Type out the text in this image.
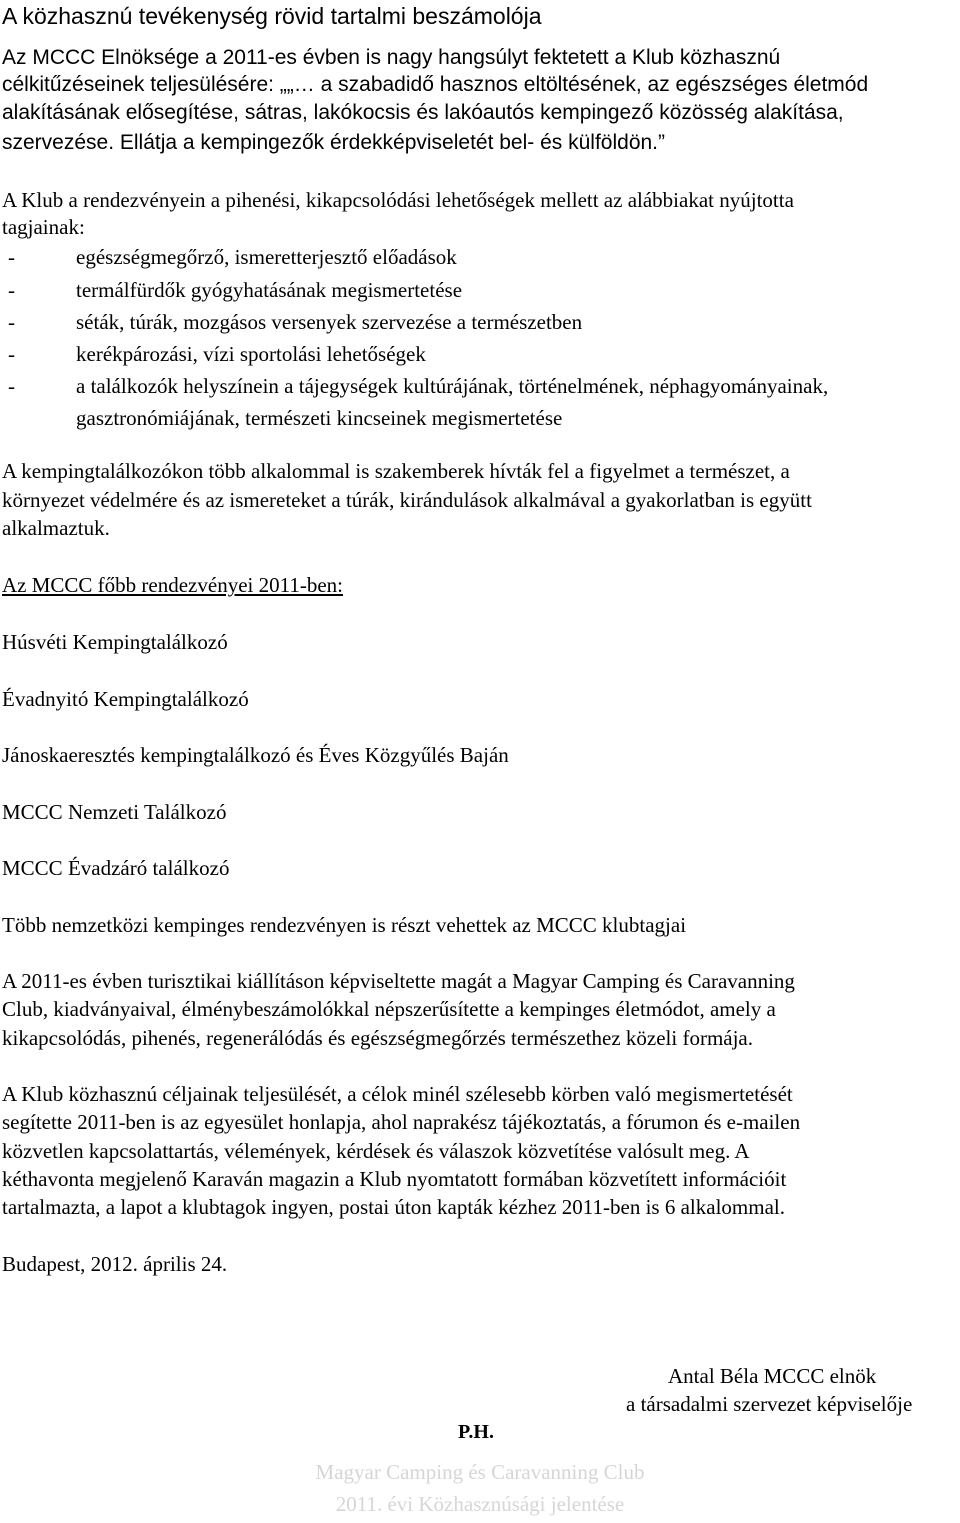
A közhasznú tevékenység rövid tartalmi beszámolója
Az MCCC Elnöksége a 2011-es évben is nagy hangsúlyt fektetett a Klub közhasznú
célkitűzéseinek teljesülésére: „„… a szabadidő hasznos eltöltésének, az egészséges életmód
alakításának elősegítése, sátras, lakókocsis és lakóautós kempingező közösség alakítása,
szervezése. Ellátja a kempingezők érdekképviseletét bel- és külföldön.”
A Klub a rendezvényein a pihenési, kikapcsolódási lehetőségek mellett az alábbiakat nyújtotta
tagjainak:
-	egészségmegőrző, ismeretterjesztő előadások
-	termálfürdők gyógyhatásának megismertetése
-	séták, túrák, mozgásos versenyek szervezése a természetben
-	kerékpározási, vízi sportolási lehetőségek
-	a találkozók helyszínein a tájegységek kultúrájának, történelmének, néphagyományainak,
gasztronómiájának, természeti kincseinek megismertetése
A kempingtalálkozókon több alkalommal is szakemberek hívták fel a figyelmet a természet, a
környezet védelmére és az ismereteket a túrák, kirándulások alkalmával a gyakorlatban is együtt
alkalmaztuk.
Az MCCC főbb rendezvényei 2011-ben:
Húsvéti Kempingtalálkozó
Évadnyitó Kempingtalálkozó
Jánoskaeresztés kempingtalálkozó és Éves Közgyűlés Baján
MCCC Nemzeti Találkozó
MCCC Évadzáró találkozó
Több nemzetközi kempinges rendezvényen is részt vehettek az MCCC klubtagjai
A 2011-es évben turisztikai kiállításon képviseltette magát a Magyar Camping és Caravanning
Club, kiadványaival, élménybeszámolókkal népszerűsítette a kempinges életmódot, amely a
kikapcsolódás, pihenés, regenerálódás és egészségmegőrzés természethez közeli formája.
A Klub közhasznú céljainak teljesülését, a célok minél szélesebb körben való megismertetését
segítette 2011-ben is az egyesület honlapja, ahol naprakész tájékoztatás, a fórumon és e-mailen
közvetlen kapcsolattartás, vélemények, kérdések és válaszok közvetítése valósult meg. A
kéthavonta megjelenő Karaván magazin a Klub nyomtatott formában közvetített információit
tartalmazta, a lapot a klubtagok ingyen, postai úton kapták kézhez 2011-ben is 6 alkalommal.
Budapest, 2012. április 24.
Antal Béla MCCC elnök
a társadalmi szervezet képviselője
P.H.
Magyar Camping és Caravanning Club
2011. évi Közhasznúsági jelentése
